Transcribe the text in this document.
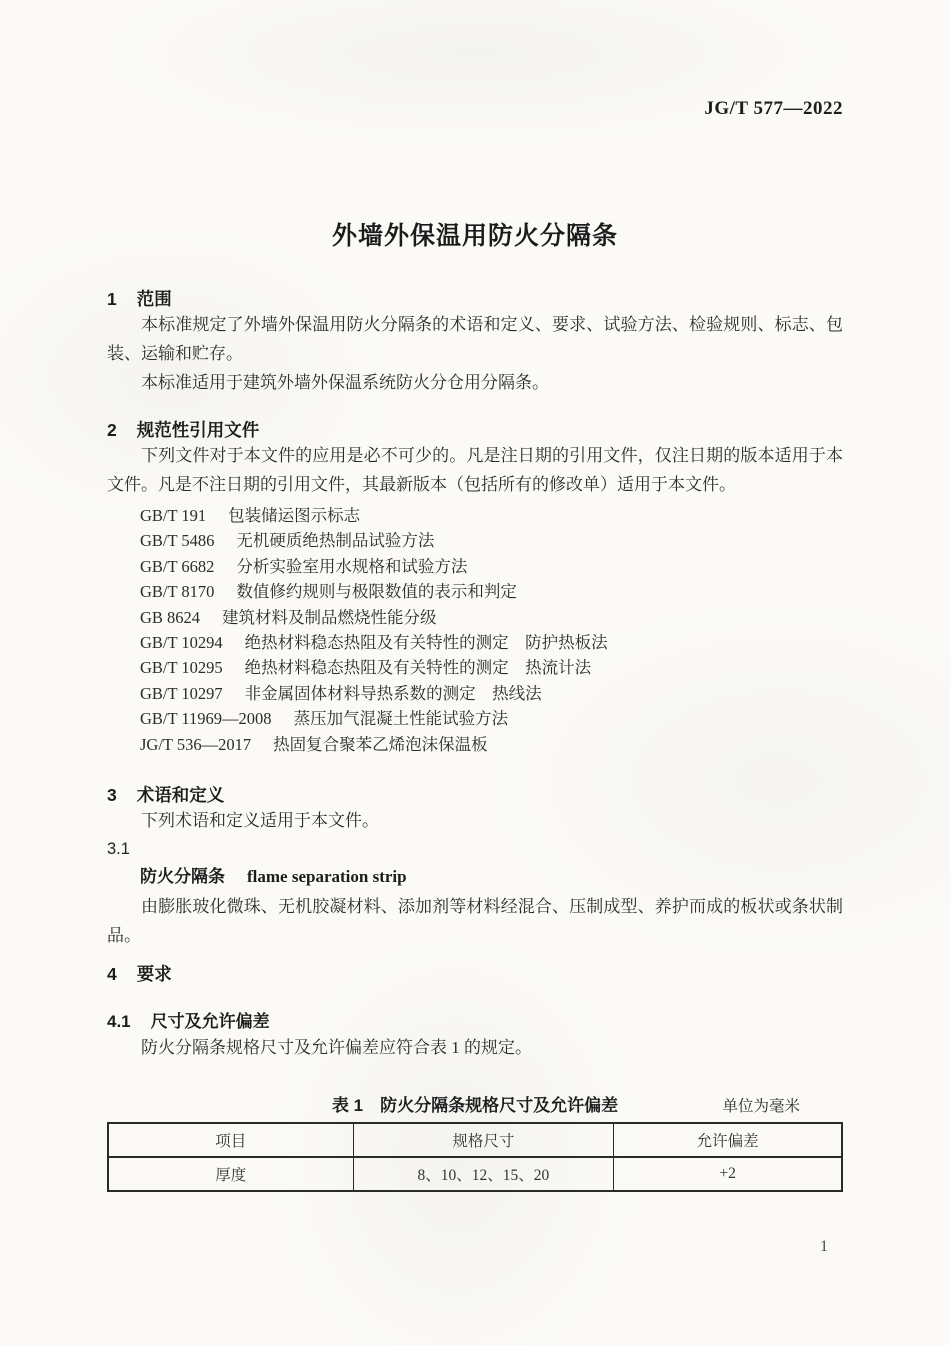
JG/T 577—2022
外墙外保温用防火分隔条
1 范围

本标准规定了外墙外保温用防火分隔条的术语和定义、要求、试验方法、检验规则、标志、包装、运输和贮存。

本标准适用于建筑外墙外保温系统防火分仓用分隔条。

2 规范性引用文件

下列文件对于本文件的应用是必不可少的。凡是注日期的引用文件，仅注日期的版本适用于本文件。凡是不注日期的引用文件，其最新版本（包括所有的修改单）适用于本文件。

GB/T 191 包装储运图示标志
GB/T 5486 无机硬质绝热制品试验方法
GB/T 6682 分析实验室用水规格和试验方法
GB/T 8170 数值修约规则与极限数值的表示和判定
GB 8624 建筑材料及制品燃烧性能分级
GB/T 10294 绝热材料稳态热阻及有关特性的测定　防护热板法
GB/T 10295 绝热材料稳态热阻及有关特性的测定　热流计法
GB/T 10297 非金属固体材料导热系数的测定　热线法
GB/T 11969—2008 蒸压加气混凝土性能试验方法
JG/T 536—2017 热固复合聚苯乙烯泡沫保温板
3 术语和定义

下列术语和定义适用于本文件。

3.1
防火分隔条 flame separation strip

由膨胀玻化微珠、无机胶凝材料、添加剂等材料经混合、压制成型、养护而成的板状或条状制品。

4 要求
4.1 尺寸及允许偏差

防火分隔条规格尺寸及允许偏差应符合表 1 的规定。

表 1　防火分隔条规格尺寸及允许偏差	单位为毫米
项目	规格尺寸	允许偏差
厚度	8、10、12、15、20	+2
1
